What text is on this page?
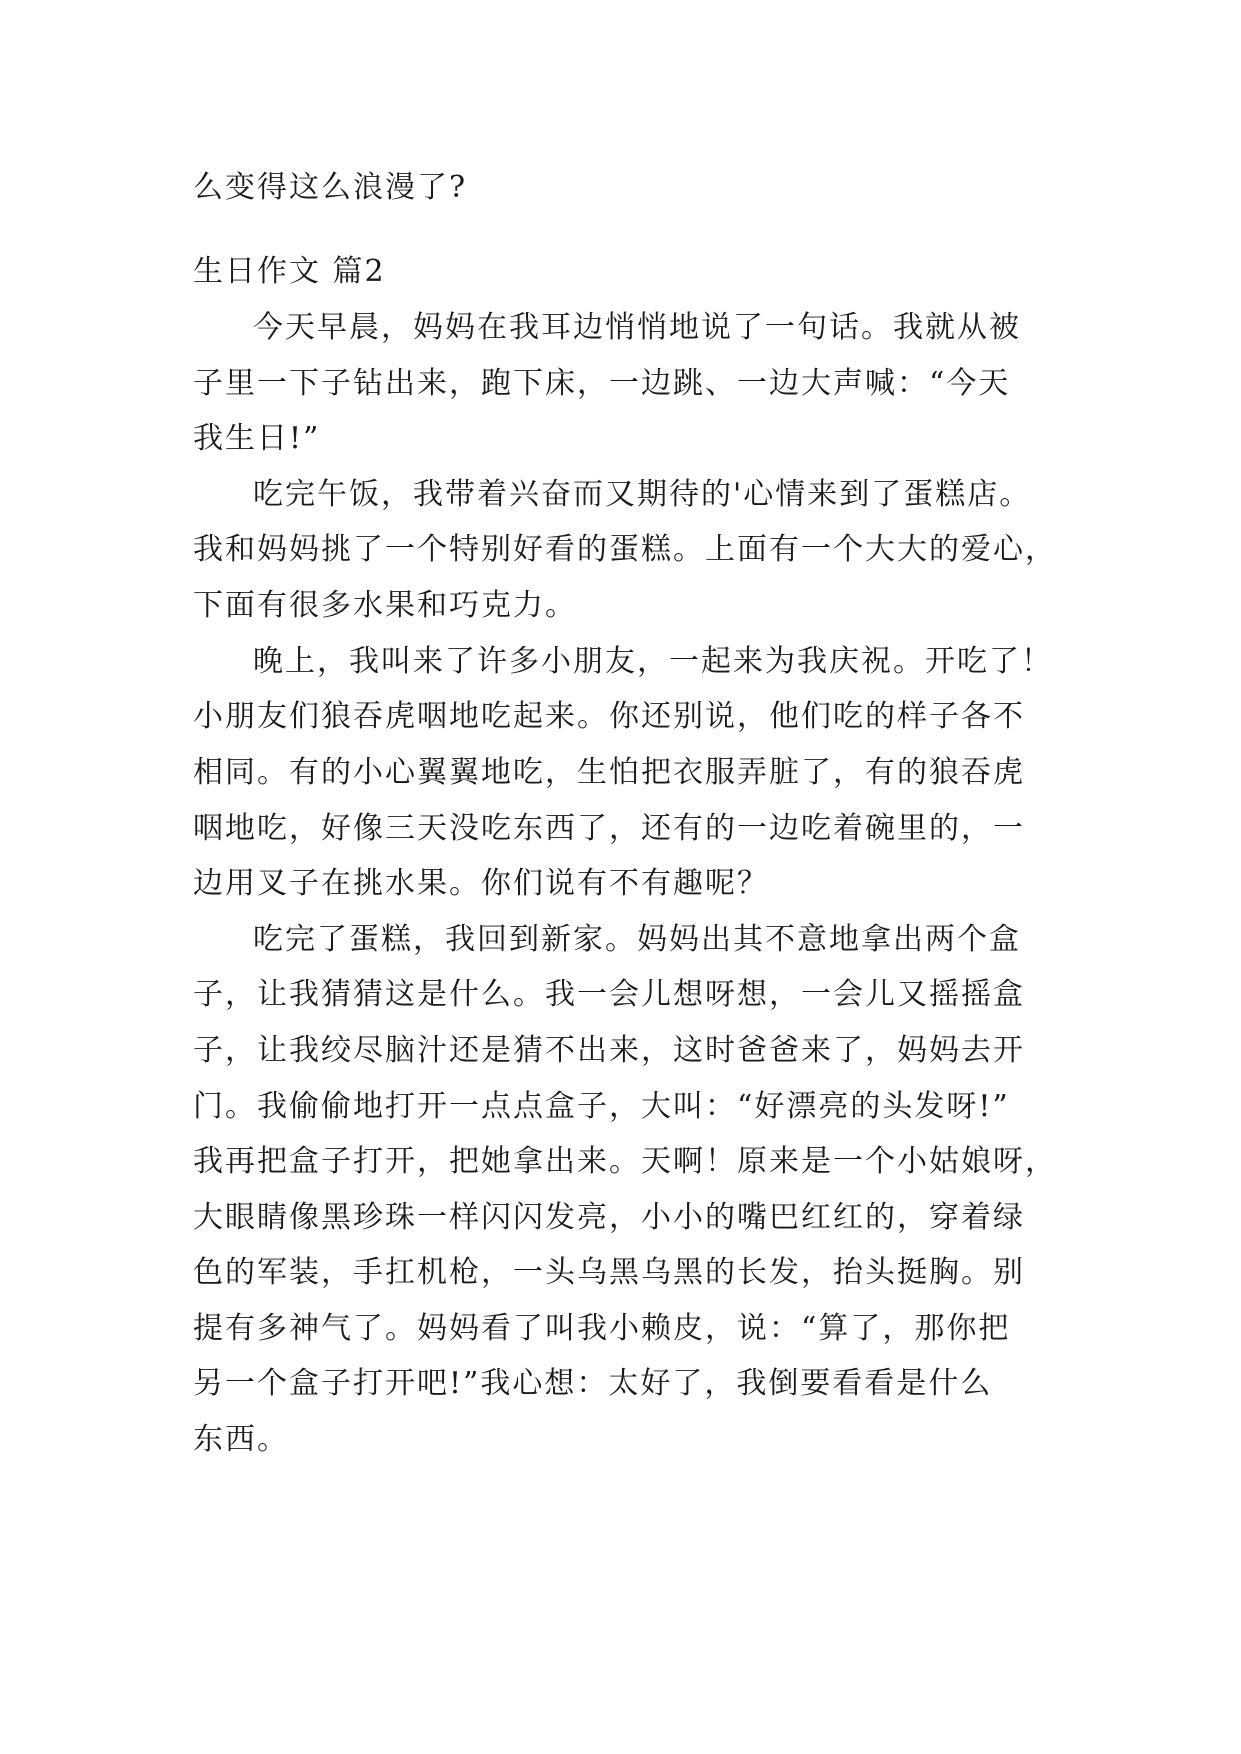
么变得这么浪漫了?
生日作文 篇2
今天早晨，妈妈在我耳边悄悄地说了一句话。我就从被
子里一下子钻出来，跑下床，一边跳、一边大声喊：“今天
我生日!”
吃完午饭，我带着兴奋而又期待的'心情来到了蛋糕店。
我和妈妈挑了一个特别好看的蛋糕。上面有一个大大的爱心，
下面有很多水果和巧克力。
晚上，我叫来了许多小朋友，一起来为我庆祝。开吃了！
小朋友们狼吞虎咽地吃起来。你还别说，他们吃的样子各不
相同。有的小心翼翼地吃，生怕把衣服弄脏了，有的狼吞虎
咽地吃，好像三天没吃东西了，还有的一边吃着碗里的，一
边用叉子在挑水果。你们说有不有趣呢？
吃完了蛋糕，我回到新家。妈妈出其不意地拿出两个盒
子，让我猜猜这是什么。我一会儿想呀想，一会儿又摇摇盒
子，让我绞尽脑汁还是猜不出来，这时爸爸来了，妈妈去开
门。我偷偷地打开一点点盒子，大叫：“好漂亮的头发呀!”
我再把盒子打开，把她拿出来。天啊！原来是一个小姑娘呀，
大眼睛像黑珍珠一样闪闪发亮，小小的嘴巴红红的，穿着绿
色的军装，手扛机枪，一头乌黑乌黑的长发，抬头挺胸。别
提有多神气了。妈妈看了叫我小赖皮，说：“算了，那你把
另一个盒子打开吧!”我心想：太好了，我倒要看看是什么
东西。
